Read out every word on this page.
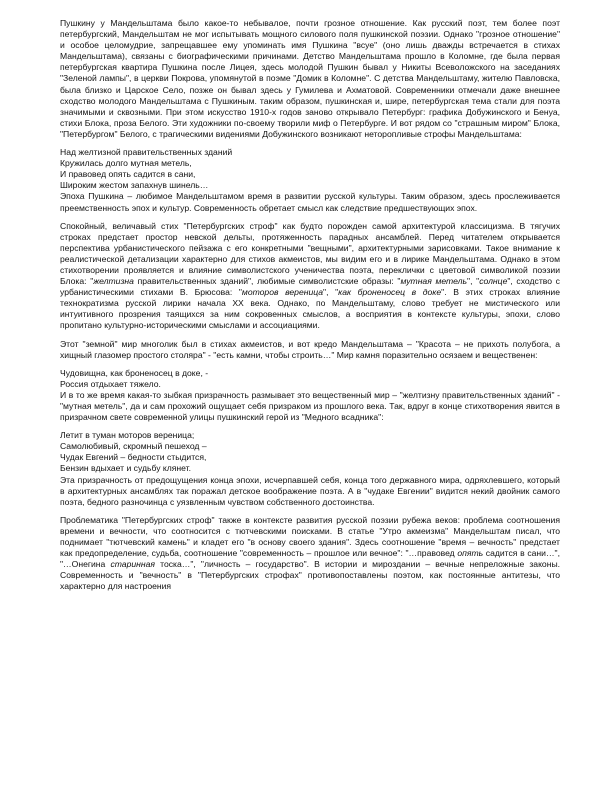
Пушкину у Мандельштама было какое-то небывалое, почти грозное отношение. Как русский поэт, тем более поэт петербургский, Мандельштам не мог испытывать мощного силового поля пушкинской поэзии. Однако "грозное отношение" и особое целомудрие, запрещавшее ему упоминать имя Пушкина "всуе" (оно лишь дважды встречается в стихах Мандельштама), связаны с биографическими причинами. Детство Мандельштама прошло в Коломне, где была первая петербургская квартира Пушкина после Лицея, здесь молодой Пушкин бывал у Никиты Всеволожского на заседаниях "Зеленой лампы", в церкви Покрова, упомянутой в поэме "Домик в Коломне". С детства Мандельштаму, жителю Павловска, была близко и Царское Село, позже он бывал здесь у Гумилева и Ахматовой. Современники отмечали даже внешнее сходство молодого Мандельштама с Пушкиным. таким образом, пушкинская и, шире, петербургская тема стали для поэта значимыми и сквозными. При этом искусство 1910-х годов заново открывало Петербург: графика Добужинского и Бенуа, стихи Блока, проза Белого. Эти художники по-своему творили миф о Петербурге. И вот рядом со "страшным миром" Блока, "Петербургом" Белого, с трагическими видениями Добужинского возникают неторопливые строфы Мандельштама:

Над желтизной правительственных зданий
Кружилась долго мутная метель,
И правовед опять садится в сани,
Широким жестом запахнув шинель…

Эпоха Пушкина – любимое Мандельштамом время в развитии русской культуры. Таким образом, здесь прослеживается преемственность эпох и культур. Современность обретает смысл как следствие предшествующих эпох.

Спокойный, величавый стих "Петербургских строф" как будто порожден самой архитектурой классицизма. В тягучих строках предстает простор невской дельты, протяженность парадных ансамблей. Перед читателем открывается перспектива урбанистического пейзажа с его конкретными "вещными", архитектурными зарисовками. Такое внимание к реалистической детализации характерно для стихов акмеистов, мы видим его и в лирике Мандельштама. Однако в этом стихотворении проявляется и влияние символистского ученичества поэта, переклички с цветовой символикой поэзии Блока: "желтизна правительственных зданий", любимые символистские образы: "мутная метель", "солнце", сходство с урбанистическими стихами В. Брюсова: "моторов вереница", "как броненосец в доке". В этих строках влияние технократизма русской лирики начала XX века. Однако, по Мандельштаму, слово требует не мистического или интуитивного прозрения таящихся за ним сокровенных смыслов, а восприятия в контексте культуры, эпохи, слово пропитано культурно-историческими смыслами и ассоциациями.

Этот "земной" мир многолик был в стихах акмеистов, и вот кредо Мандельштама – "Красота – не прихоть полубога, а хищный глазомер простого столяра" - "есть камни, чтобы строить…" Мир камня поразительно осязаем и вещественен:

Чудовищна, как броненосец в доке, -
Россия отдыхает тяжело.

И в то же время какая-то зыбкая призрачность размывает это вещественный мир – "желтизну правительственных зданий" - "мутная метель", да и сам прохожий ощущает себя призраком из прошлого века. Так, вдруг в конце стихотворения явится в призрачном свете современной улицы пушкинский герой из "Медного всадника":

Летит в туман моторов вереница;
Самолюбивый, скромный пешеход –
Чудак Евгений – бедности стыдится,
Бензин вдыхает и судьбу клянет.

Эта призрачность от предощущения конца эпохи, исчерпавшей себя, конца того державного мира, одряхлевшего, который в архитектурных ансамблях так поражал детское воображение поэта. А в "чудаке Евгении" видится некий двойник самого поэта, бедного разночинца с уязвленным чувством собственного достоинства.

Проблематика "Петербургских строф" также в контексте развития русской поэзии рубежа веков: проблема соотношения времени и вечности, что соотносится с тютчевскими поисками. В статье "Утро акмеизма" Мандельштам писал, что поднимает "тютчевский камень" и кладет его "в основу своего здания". Здесь соотношение "время – вечность" предстает как предопределение, судьба, соотношение "современность – прошлое или вечное": "…правовед опять садится в сани…", "…Онегина старинная тоска…", "личность – государство". В истории и мироздании – вечные непреложные законы. Современность и "вечность" в "Петербургских строфах" противопоставлены поэтом, как постоянные антитезы, что характерно для настроения
